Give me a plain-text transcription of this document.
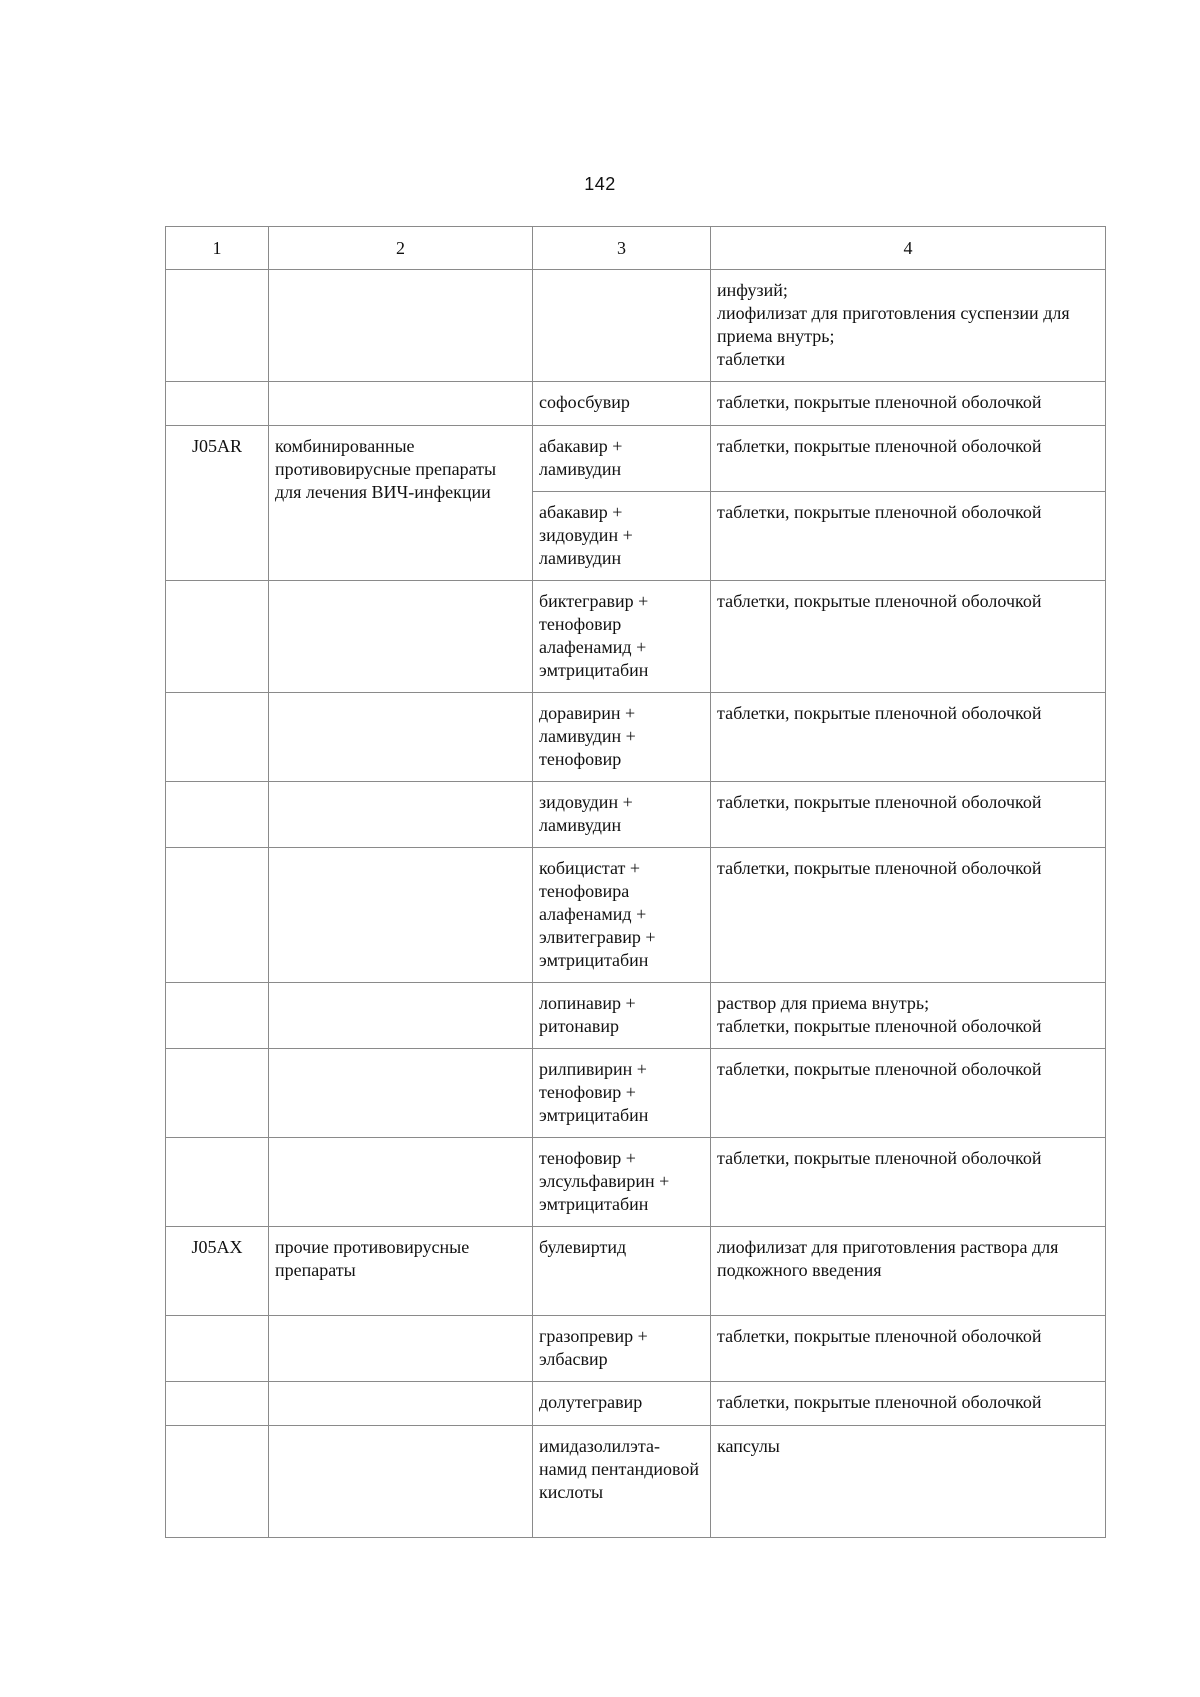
142
1	2	3	4
			инфузий;
лиофилизат для приготовления суспензии для приема внутрь;
таблетки
		софосбувир	таблетки, покрытые пленочной оболочкой
J05AR	комбинированные противовирусные препараты для лечения ВИЧ-инфекции	абакавир + ламивудин	таблетки, покрытые пленочной оболочкой
		абакавир + зидовудин + ламивудин	таблетки, покрытые пленочной оболочкой
		биктегравир + тенофовир алафенамид + эмтрицитабин	таблетки, покрытые пленочной оболочкой
		доравирин + ламивудин + тенофовир	таблетки, покрытые пленочной оболочкой
		зидовудин + ламивудин	таблетки, покрытые пленочной оболочкой
		кобицистат + тенофовира алафенамид + элвитегравир + эмтрицитабин	таблетки, покрытые пленочной оболочкой
		лопинавир + ритонавир	раствор для приема внутрь;
таблетки, покрытые пленочной оболочкой
		рилпивирин + тенофовир + эмтрицитабин	таблетки, покрытые пленочной оболочкой
		тенофовир + элсульфавирин + эмтрицитабин	таблетки, покрытые пленочной оболочкой
J05AX	прочие противовирусные препараты	булевиртид	лиофилизат для приготовления раствора для подкожного введения
		гразопревир + элбасвир	таблетки, покрытые пленочной оболочкой
		долутегравир	таблетки, покрытые пленочной оболочкой
		имидазолилэта-
намид пентандиовой кислоты	капсулы
